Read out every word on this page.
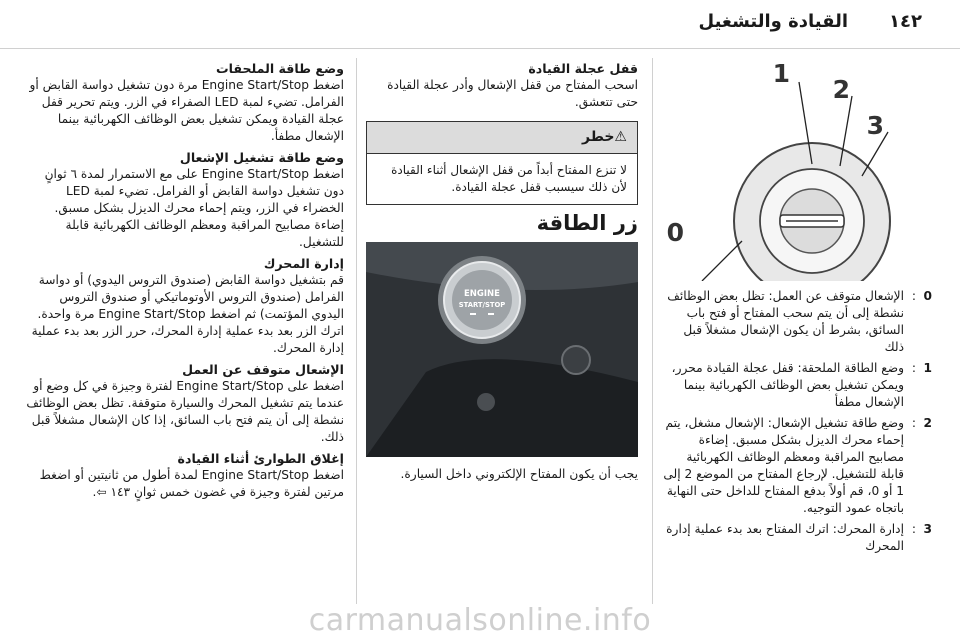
١٤٢
القيادة والتشغيل
1
2
3
0
0
:
الإشعال متوقف عن العمل: تظل بعض الوظائف نشطة إلى أن يتم سحب المفتاح أو فتح باب السائق، بشرط أن يكون الإشعال مشغلاً قبل ذلك
1
:
وضع الطاقة الملحقة: قفل عجلة القيادة محرر، ويمكن تشغيل بعض الوظائف الكهربائية بينما الإشعال مطفأ
2
:
وضع طاقة تشغيل الإشعال: الإشعال مشغل، يتم إحماء محرك الديزل بشكل مسبق. إضاءة مصابيح المراقبة ومعظم الوظائف الكهربائية قابلة للتشغيل. لإرجاع المفتاح من الموضع 2 إلى 1 أو 0، قم أولاً بدفع المفتاح للداخل حتى النهاية باتجاه عمود التوجيه.
3
:
إدارة المحرك: اترك المفتاح بعد بدء عملية إدارة المحرك
قفل عجلة القيادة

اسحب المفتاح من قفل الإشعال وأدر عجلة القيادة حتى تتعشق.

⚠خطر
لا تنزع المفتاح أبداً من قفل الإشعال أثناء القيادة لأن ذلك سيسبب قفل عجلة القيادة.
زر الطاقة
ENGINE
START/STOP

يجب أن يكون المفتاح الإلكتروني داخل السيارة.

وضع طاقة الملحقات

اضغط Engine Start/Stop مرة دون تشغيل دواسة القابض أو الفرامل. تضيء لمبة LED الصفراء في الزر. ويتم تحرير قفل عجلة القيادة ويمكن تشغيل بعض الوظائف الكهربائية بينما الإشعال مطفأ.

وضع طاقة تشغيل الإشعال

اضغط Engine Start/Stop على مع الاستمرار لمدة ٦ ثوانٍ دون تشغيل دواسة القابض أو الفرامل. تضيء لمبة LED الخضراء في الزر، ويتم إحماء محرك الديزل بشكل مسبق. إضاءة مصابيح المراقبة ومعظم الوظائف الكهربائية قابلة للتشغيل.

إدارة المحرك

قم بتشغيل دواسة القابض (صندوق التروس اليدوي) أو دواسة الفرامل (صندوق التروس الأوتوماتيكي أو صندوق التروس اليدوي المؤتمت) ثم اضغط Engine Start/Stop مرة واحدة. اترك الزر بعد بدء عملية إدارة المحرك، حرر الزر بعد بدء عملية إدارة المحرك.

الإشعال متوقف عن العمل

اضغط على Engine Start/Stop لفترة وجيزة في كل وضع أو عندما يتم تشغيل المحرك والسيارة متوقفة. تظل بعض الوظائف نشطة إلى أن يتم فتح باب السائق، إذا كان الإشعال مشغلاً قبل ذلك.

إغلاق الطوارئ أثناء القيادة

اضغط Engine Start/Stop لمدة أطول من ثانيتين أو اضغط مرتين لفترة وجيزة في غضون خمس ثوانٍ ١٤٣ ⇦.

carmanualsonline.info
